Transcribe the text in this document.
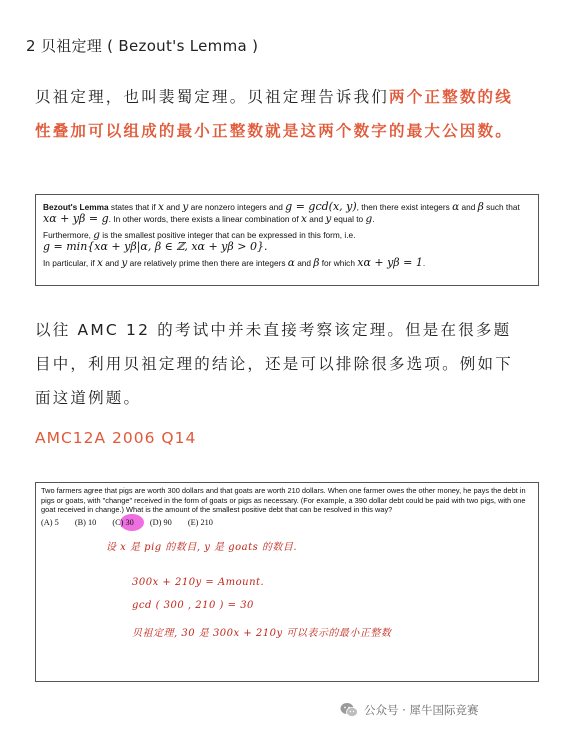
2 贝祖定理 ( Bezout's Lemma )
贝祖定理，也叫裴蜀定理。贝祖定理告诉我们两个正整数的线性叠加可以组成的最小正整数就是这两个数字的最大公因数。

Bezout's Lemma states that if x and y are nonzero integers and g = gcd(x, y), then there exist integers α and β such that xα + yβ = g. In other words, there exists a linear combination of x and y equal to g.

Furthermore, g is the smallest positive integer that can be expressed in this form, i.e.
g = min{xα + yβ|α, β ∈ ℤ, xα + yβ > 0}.

In particular, if x and y are relatively prime then there are integers α and β for which xα + yβ = 1.

以往 AMC 12 的考试中并未直接考察该定理。但是在很多题目中，利用贝祖定理的结论，还是可以排除很多选项。例如下面这道例题。
AMC12A 2006 Q14
Two farmers agree that pigs are worth 300 dollars and that goats are worth 210 dollars. When one farmer owes the other money, he pays the debt in pigs or goats, with "change" received in the form of goats or pigs as necessary. (For example, a 390 dollar debt could be paid with two pigs, with one goat received in change.) What is the amount of the smallest positive debt that can be resolved in this way?
(A) 5 (B) 10 (C) 30 (D) 90 (E) 210
设 x 是 pig 的数目, y 是 goats 的数目.
300x + 210y = Amount.
gcd ( 300 , 210 ) = 30
贝祖定理, 30 是 300x + 210y 可以表示的最小正整数
公众号 · 犀牛国际竞赛
